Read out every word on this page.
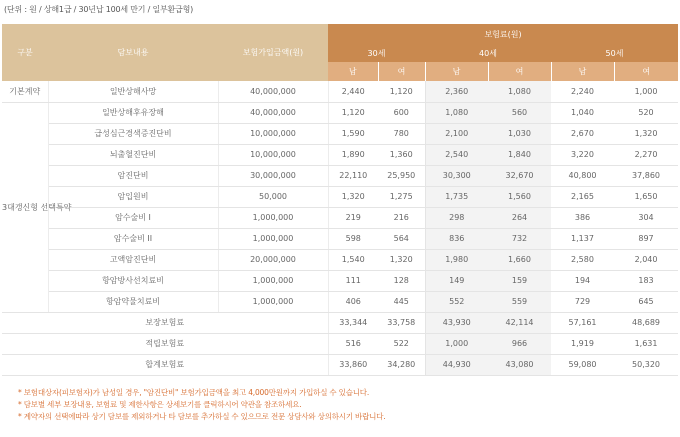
(단위 : 원 / 상해1급 / 30년납 100세 만기 / 일부환급형)
구분	담보내용	보험가입금액(원)	보험료(원)					
			30세		40세		50세	
			남	여	남	여	남	여
기본계약	일반상해사망	40,000,000	2,440	1,120	2,360	1,080	2,240	1,000
3대갱신형 선택특약	일반상해후유장해	40,000,000	1,120	600	1,080	560	1,040	520
	급성심근경색증진단비	10,000,000	1,590	780	2,100	1,030	2,670	1,320
	뇌출혈진단비	10,000,000	1,890	1,360	2,540	1,840	3,220	2,270
	암진단비	30,000,000	22,110	25,950	30,300	32,670	40,800	37,860
	암입원비	50,000	1,320	1,275	1,735	1,560	2,165	1,650
	암수술비 I	1,000,000	219	216	298	264	386	304
	암수술비 II	1,000,000	598	564	836	732	1,137	897
	고액암진단비	20,000,000	1,540	1,320	1,980	1,660	2,580	2,040
	항암방사선치료비	1,000,000	111	128	149	159	194	183
	항암약물치료비	1,000,000	406	445	552	559	729	645
보장보험료			33,344	33,758	43,930	42,114	57,161	48,689
적립보험료			516	522	1,000	966	1,919	1,631
합계보험료			33,860	34,280	44,930	43,080	59,080	50,320
* 보험대상자(피보험자)가 남성일 경우, "암진단비" 보험가입금액을 최고 4,000만원까지 가입하실 수 있습니다.
* 담보별 세부 보장내용, 보험료 및 제한사항은 상세보기를 클릭하시어 약관을 참조하세요.
* 계약자의 선택에따라 상기 담보를 제외하거나 타 담보를 추가하실 수 있으므로 전문 상담사와 상의하시기 바랍니다.
